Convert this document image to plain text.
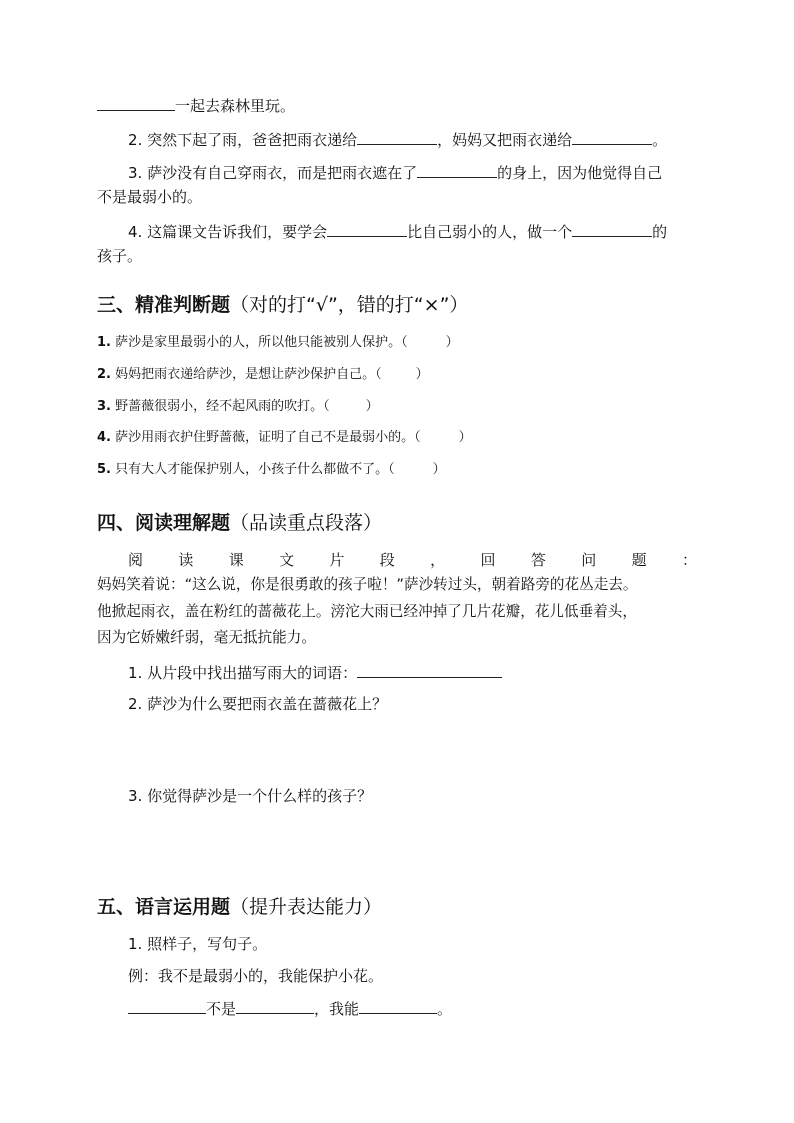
一起去森林里玩。
2. 突然下起了雨，爸爸把雨衣递给	，妈妈又把雨衣递给	。
3. 萨沙没有自己穿雨衣，而是把雨衣遮在了	的身上，因为他觉得自己
不是最弱小的。
4. 这篇课文告诉我们，要学会	比自己弱小的人，做一个	的
孩子。
三、精准判断题（对的打“√”，错的打“×”）
1. 萨沙是家里最弱小的人，所以他只能被别人保护。（	）
2. 妈妈把雨衣递给萨沙，是想让萨沙保护自己。（	）
3. 野蔷薇很弱小，经不起风雨的吹打。（	）
4. 萨沙用雨衣护住野蔷薇，证明了自己不是最弱小的。（	）
5. 只有大人才能保护别人，小孩子什么都做不了。（	）
四、阅读理解题（品读重点段落）
阅 读 课 文 片 段 ， 回 答 问 题 ：
妈妈笑着说：“这么说，你是很勇敢的孩子啦！”萨沙转过头，朝着路旁的花丛走去。
他掀起雨衣，盖在粉红的蔷薇花上。滂沱大雨已经冲掉了几片花瓣，花儿低垂着头，
因为它娇嫩纤弱，毫无抵抗能力。
1. 从片段中找出描写雨大的词语：
2. 萨沙为什么要把雨衣盖在蔷薇花上？
3. 你觉得萨沙是一个什么样的孩子？
五、语言运用题（提升表达能力）
1. 照样子，写句子。
例：我不是最弱小的，我能保护小花。
不是	，我能	。
